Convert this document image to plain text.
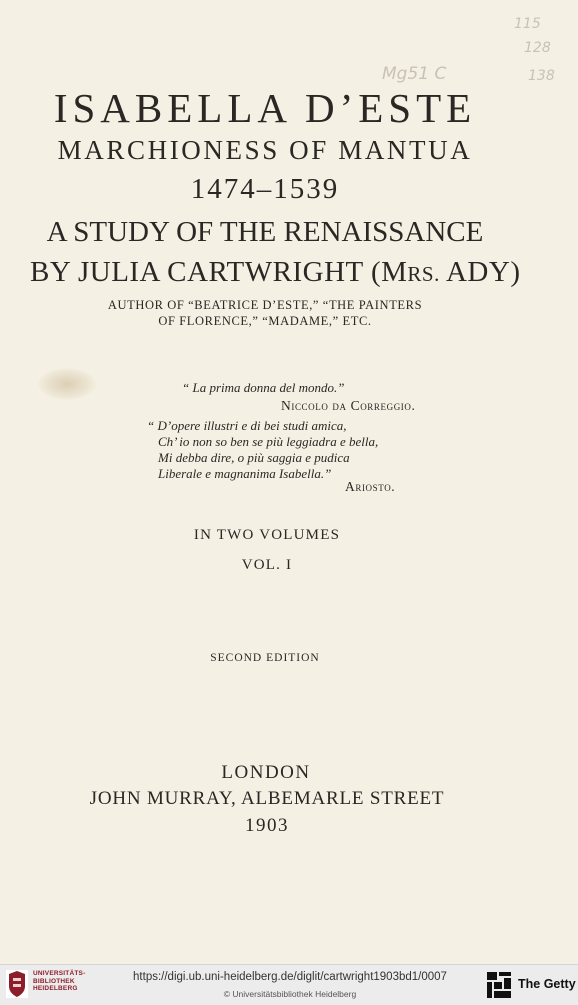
Mg51 C
115
128
138
ISABELLA D’ESTE
MARCHIONESS OF MANTUA
1474–1539
A STUDY OF THE RENAISSANCE
BY JULIA CARTWRIGHT (MRS. ADY)
AUTHOR OF “BEATRICE D’ESTE,” “THE PAINTERS
OF FLORENCE,” “MADAME,” ETC.
“ La prima donna del mondo.”
Niccolo da Correggio.
“ D’opere illustri e di bei studi amica,
Ch’ io non so ben se più leggiadra e bella,
Mi debba dire, o più saggia e pudica
Liberale e magnanima Isabella.”
Ariosto.
IN TWO VOLUMES
VOL. I
SECOND EDITION
LONDON
JOHN MURRAY, ALBEMARLE STREET
1903
UNIVERSITÄTS-
BIBLIOTHEK
HEIDELBERG
https://digi.ub.uni-heidelberg.de/diglit/cartwright1903bd1/0007
© Universitätsbibliothek Heidelberg
The Getty
